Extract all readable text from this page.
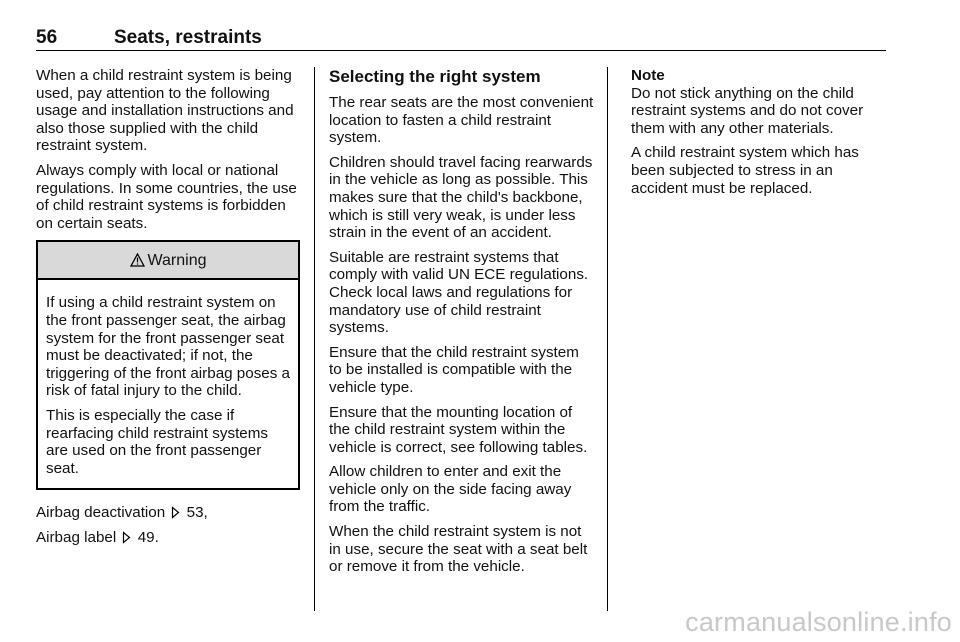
56	Seats, restraints

When a child restraint system is being used, pay attention to the following usage and installation instructions and also those supplied with the child restraint system.

Always comply with local or national regulations. In some countries, the use of child restraint systems is forbidden on certain seats.

Warning

If using a child restraint system on the front passenger seat, the airbag system for the front passenger seat must be deactivated; if not, the triggering of the front airbag poses a risk of fatal injury to the child.

This is especially the case if rearfacing child restraint systems are used on the front passenger seat.

Airbag deactivation 53,

Airbag label 49.

Selecting the right system

The rear seats are the most convenient location to fasten a child restraint system.

Children should travel facing rearwards in the vehicle as long as possible. This makes sure that the child's backbone, which is still very weak, is under less strain in the event of an accident.

Suitable are restraint systems that comply with valid UN ECE regulations. Check local laws and regulations for mandatory use of child restraint systems.

Ensure that the child restraint system to be installed is compatible with the vehicle type.

Ensure that the mounting location of the child restraint system within the vehicle is correct, see following tables.

Allow children to enter and exit the vehicle only on the side facing away from the traffic.

When the child restraint system is not in use, secure the seat with a seat belt or remove it from the vehicle.

Note

Do not stick anything on the child restraint systems and do not cover them with any other materials.

A child restraint system which has been subjected to stress in an accident must be replaced.

carmanualsonline.info
